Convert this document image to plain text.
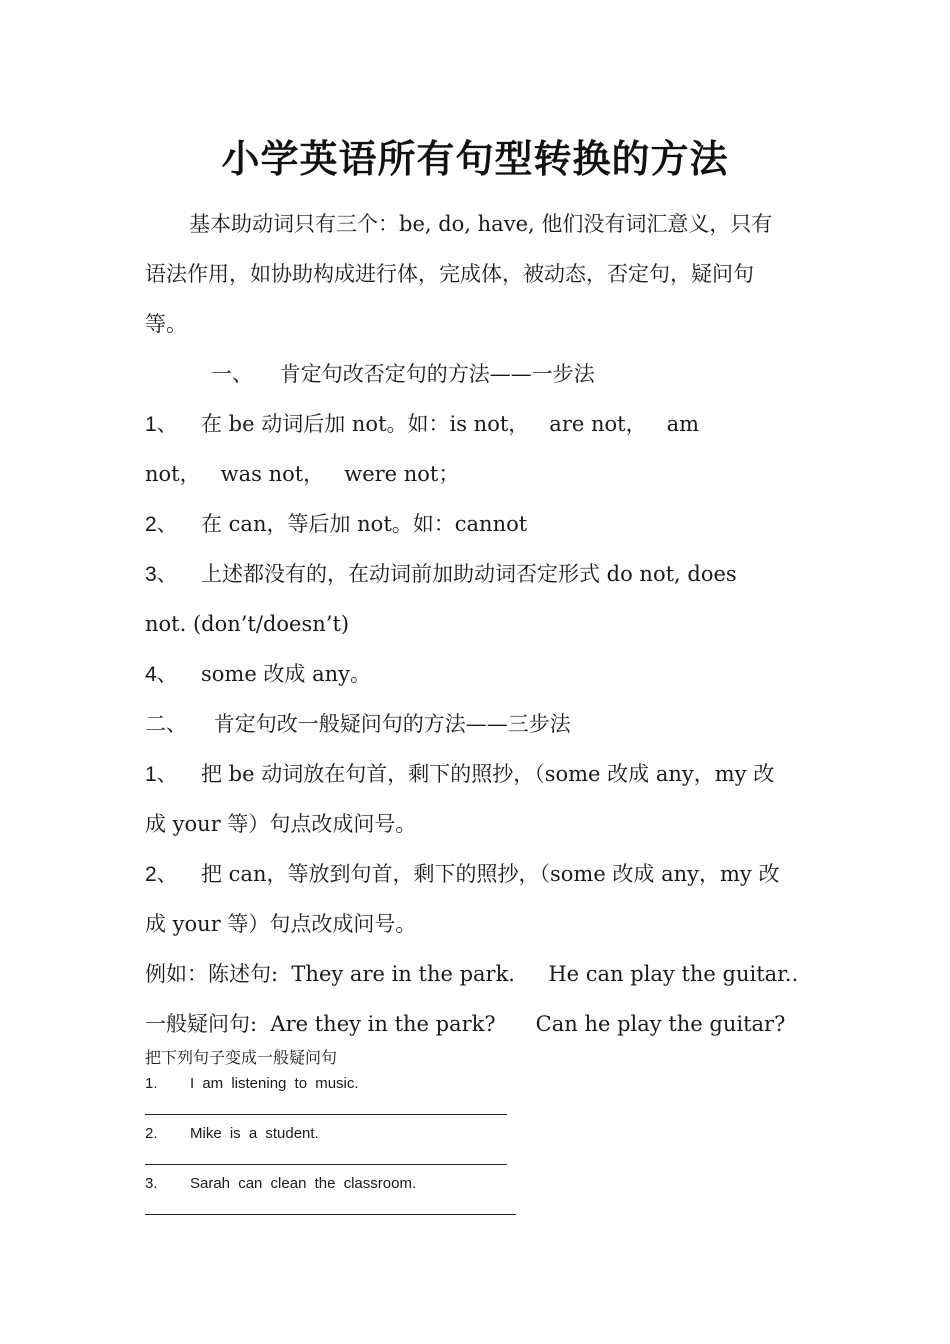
小学英语所有句型转换的方法
基本助动词只有三个：be, do, have, 他们没有词汇意义，只有
语法作用，如协助构成进行体，完成体，被动态，否定句，疑问句
等。
一、    肯定句改否定句的方法——一步法
1、 在 be 动词后加 not。如：is not，   are not，   am
not，   was not，   were not；
2、 在 can，等后加 not。如：cannot
3、 上述都没有的，在动词前加助动词否定形式 do not, does
not. (don’t/doesn’t)
4、 some 改成 any。
二、    肯定句改一般疑问句的方法——三步法
1、 把 be 动词放在句首，剩下的照抄，（some 改成 any，my 改
成 your 等）句点改成问号。
2、 把 can，等放到句首，剩下的照抄，（some 改成 any，my 改
成 your 等）句点改成问号。
例如：陈述句:  They are in the park.     He can play the guitar..
一般疑问句:  Are they in the park?      Can he play the guitar?
把下列句子变成一般疑问句
1. I am listening to music.
2. Mike is a student.
3. Sarah can clean the classroom.
